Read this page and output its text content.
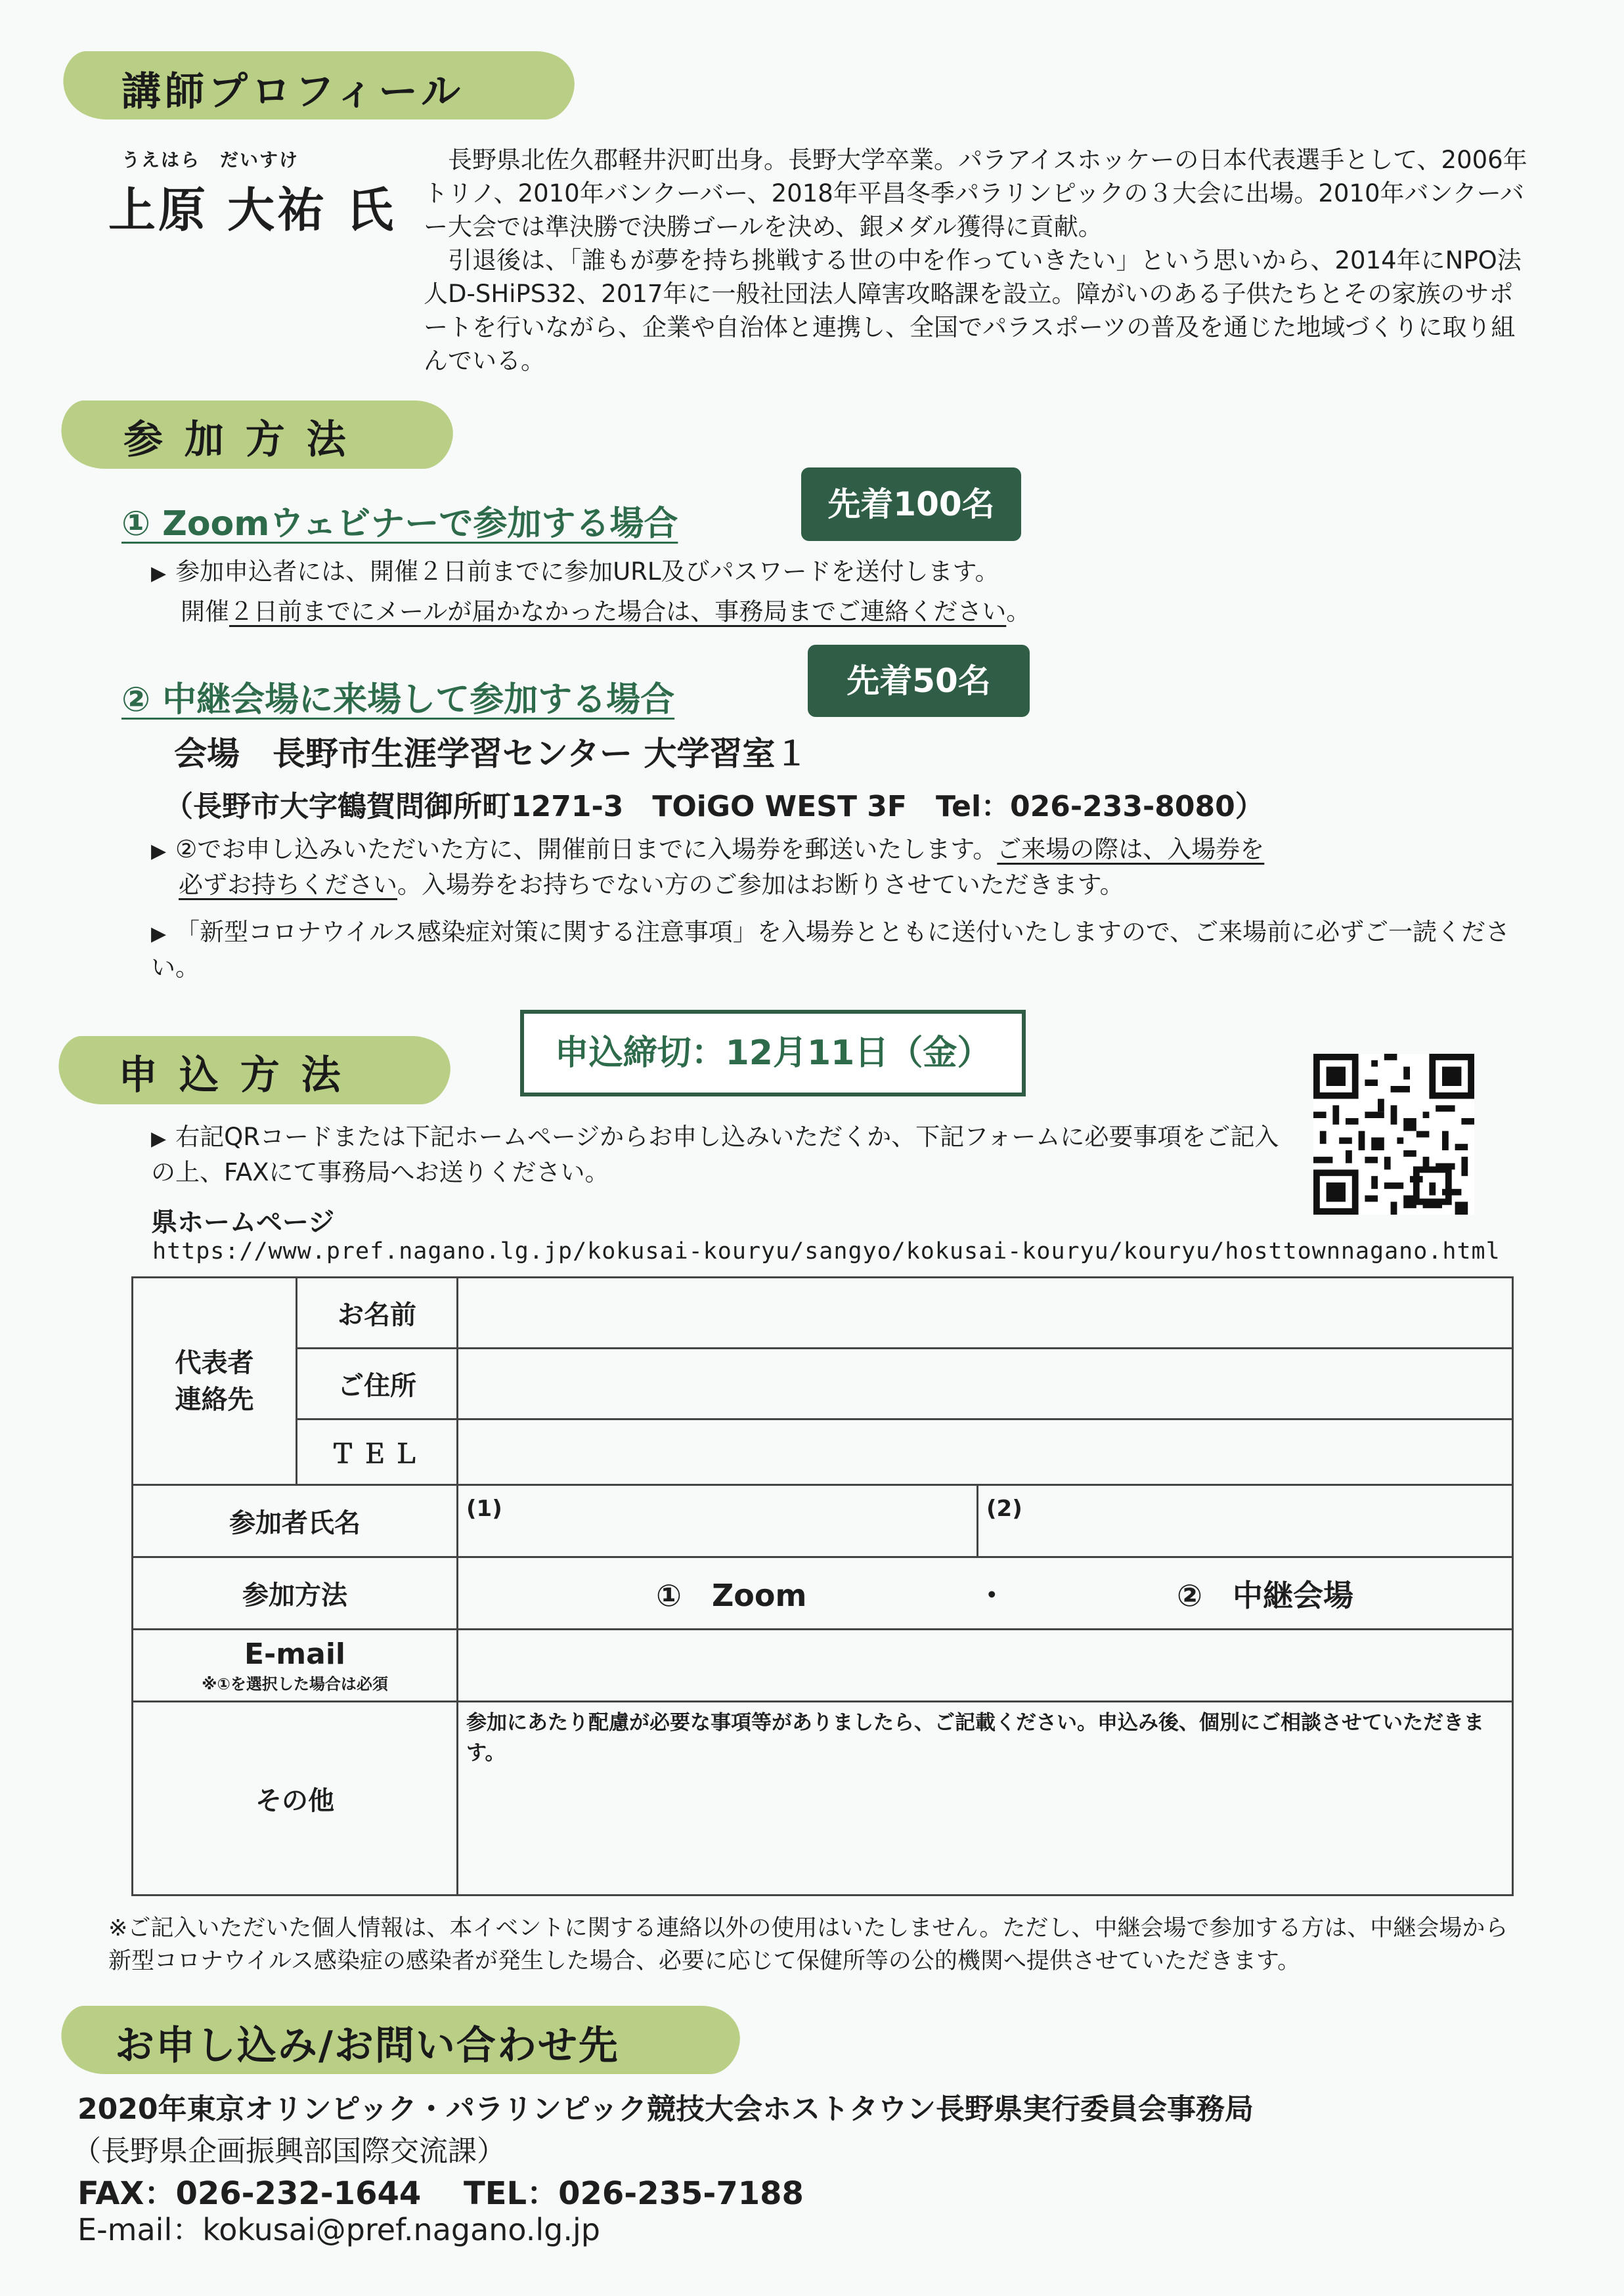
講師プロフィール
うえはら　だいすけ
上原 大祐 氏
長野県北佐久郡軽井沢町出身。長野大学卒業。パラアイスホッケーの日本代表選手として、2006年トリノ、2010年バンクーバー、2018年平昌冬季パラリンピックの３大会に出場。2010年バンクーバー大会では準決勝で決勝ゴールを決め、銀メダル獲得に貢献。
引退後は、「誰もが夢を持ち挑戦する世の中を作っていきたい」という思いから、2014年にNPO法人D-SHiPS32、2017年に一般社団法人障害攻略課を設立。障がいのある子供たちとその家族のサポートを行いながら、企業や自治体と連携し、全国でパラスポーツの普及を通じた地域づくりに取り組んでいる。
参 加 方 法
① Zoomウェビナーで参加する場合	先着100名
▶ 参加申込者には、開催２日前までに参加URL及びパスワードを送付します。
開催２日前までにメールが届かなかった場合は、事務局までご連絡ください。
② 中継会場に来場して参加する場合	先着50名
会場　長野市生涯学習センター 大学習室１
（長野市大字鶴賀問御所町1271-3　TOiGO WEST 3F　Tel：026-233-8080）
▶ ②でお申し込みいただいた方に、開催前日までに入場券を郵送いたします。ご来場の際は、入場券を
必ずお持ちください。入場券をお持ちでない方のご参加はお断りさせていただきます。
▶ 「新型コロナウイルス感染症対策に関する注意事項」を入場券とともに送付いたしますので、ご来場前に必ずご一読ください。
申 込 方 法	申込締切：12月11日（金）
▶ 右記QRコードまたは下記ホームページからお申し込みいただくか、下記フォームに必要事項をご記入の上、FAXにて事務局へお送りください。
県ホームページ
https://www.pref.nagano.lg.jp/kokusai-kouryu/sangyo/kokusai-kouryu/kouryu/hosttownnagano.html
代表者
連絡先	お名前		
	ご住所		
	ＴＥＬ		
参加者氏名		(1)	(2)
参加方法		①　Zoom ・ ②　中継会場	

E-mail
※①を選択した場合は必須			

その他		参加にあたり配慮が必要な事項等がありましたら、ご記載ください。申込み後、個別にご相談させていただきます。	
※ご記入いただいた個人情報は、本イベントに関する連絡以外の使用はいたしません。ただし、中継会場で参加する方は、中継会場から新型コロナウイルス感染症の感染者が発生した場合、必要に応じて保健所等の公的機関へ提供させていただきます。
お申し込み/お問い合わせ先
2020年東京オリンピック・パラリンピック競技大会ホストタウン長野県実行委員会事務局
（長野県企画振興部国際交流課）
FAX：026-232-1644　 TEL：026-235-7188
E-mail：kokusai@pref.nagano.lg.jp
